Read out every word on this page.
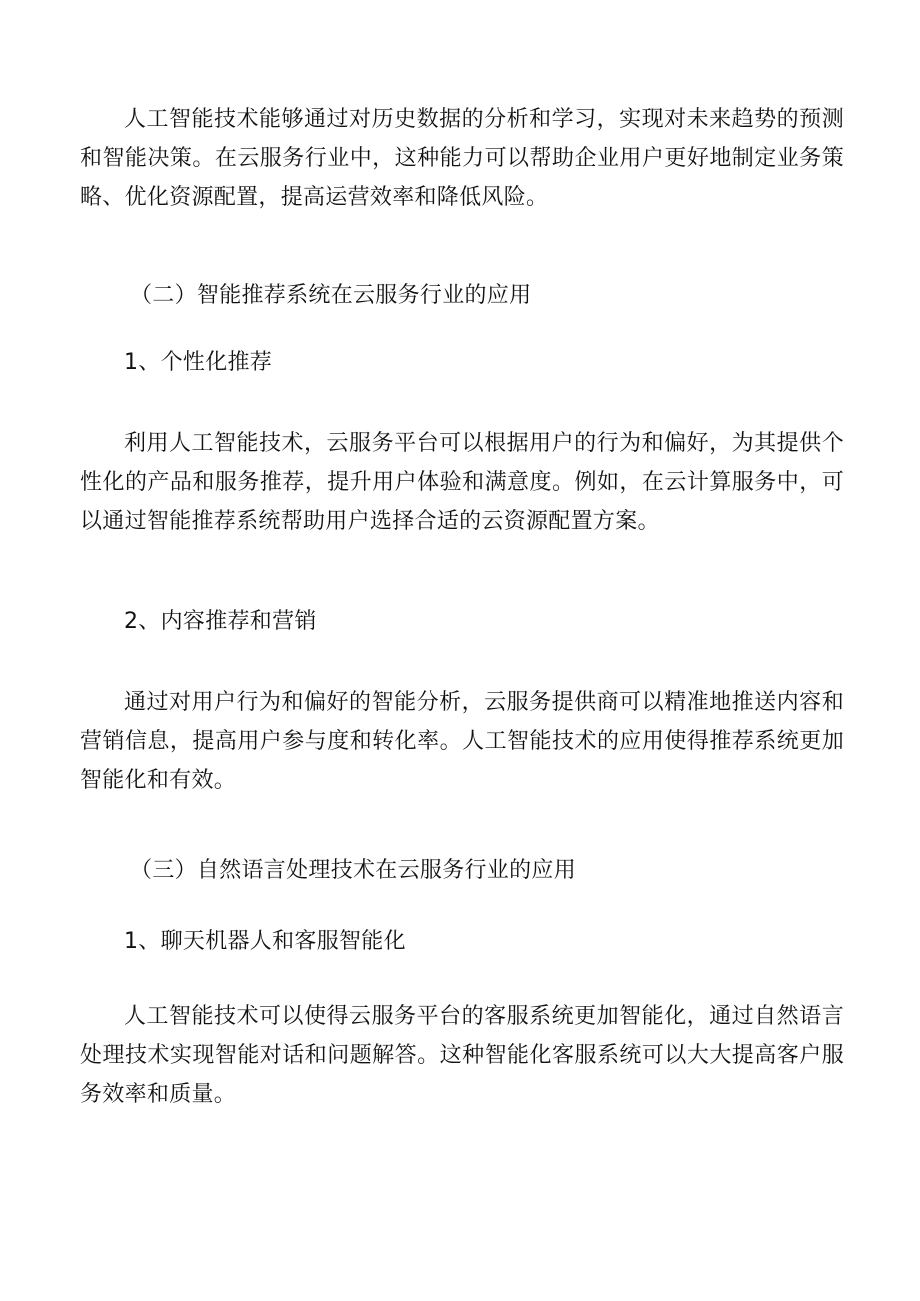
人工智能技术能够通过对历史数据的分析和学习，实现对未来趋势的预测和智能决策。在云服务行业中，这种能力可以帮助企业用户更好地制定业务策略、优化资源配置，提高运营效率和降低风险。

（二）智能推荐系统在云服务行业的应用
1、个性化推荐

利用人工智能技术，云服务平台可以根据用户的行为和偏好，为其提供个性化的产品和服务推荐，提升用户体验和满意度。例如，在云计算服务中，可以通过智能推荐系统帮助用户选择合适的云资源配置方案。

2、内容推荐和营销

通过对用户行为和偏好的智能分析，云服务提供商可以精准地推送内容和营销信息，提高用户参与度和转化率。人工智能技术的应用使得推荐系统更加智能化和有效。

（三）自然语言处理技术在云服务行业的应用
1、聊天机器人和客服智能化

人工智能技术可以使得云服务平台的客服系统更加智能化，通过自然语言处理技术实现智能对话和问题解答。这种智能化客服系统可以大大提高客户服务效率和质量。
